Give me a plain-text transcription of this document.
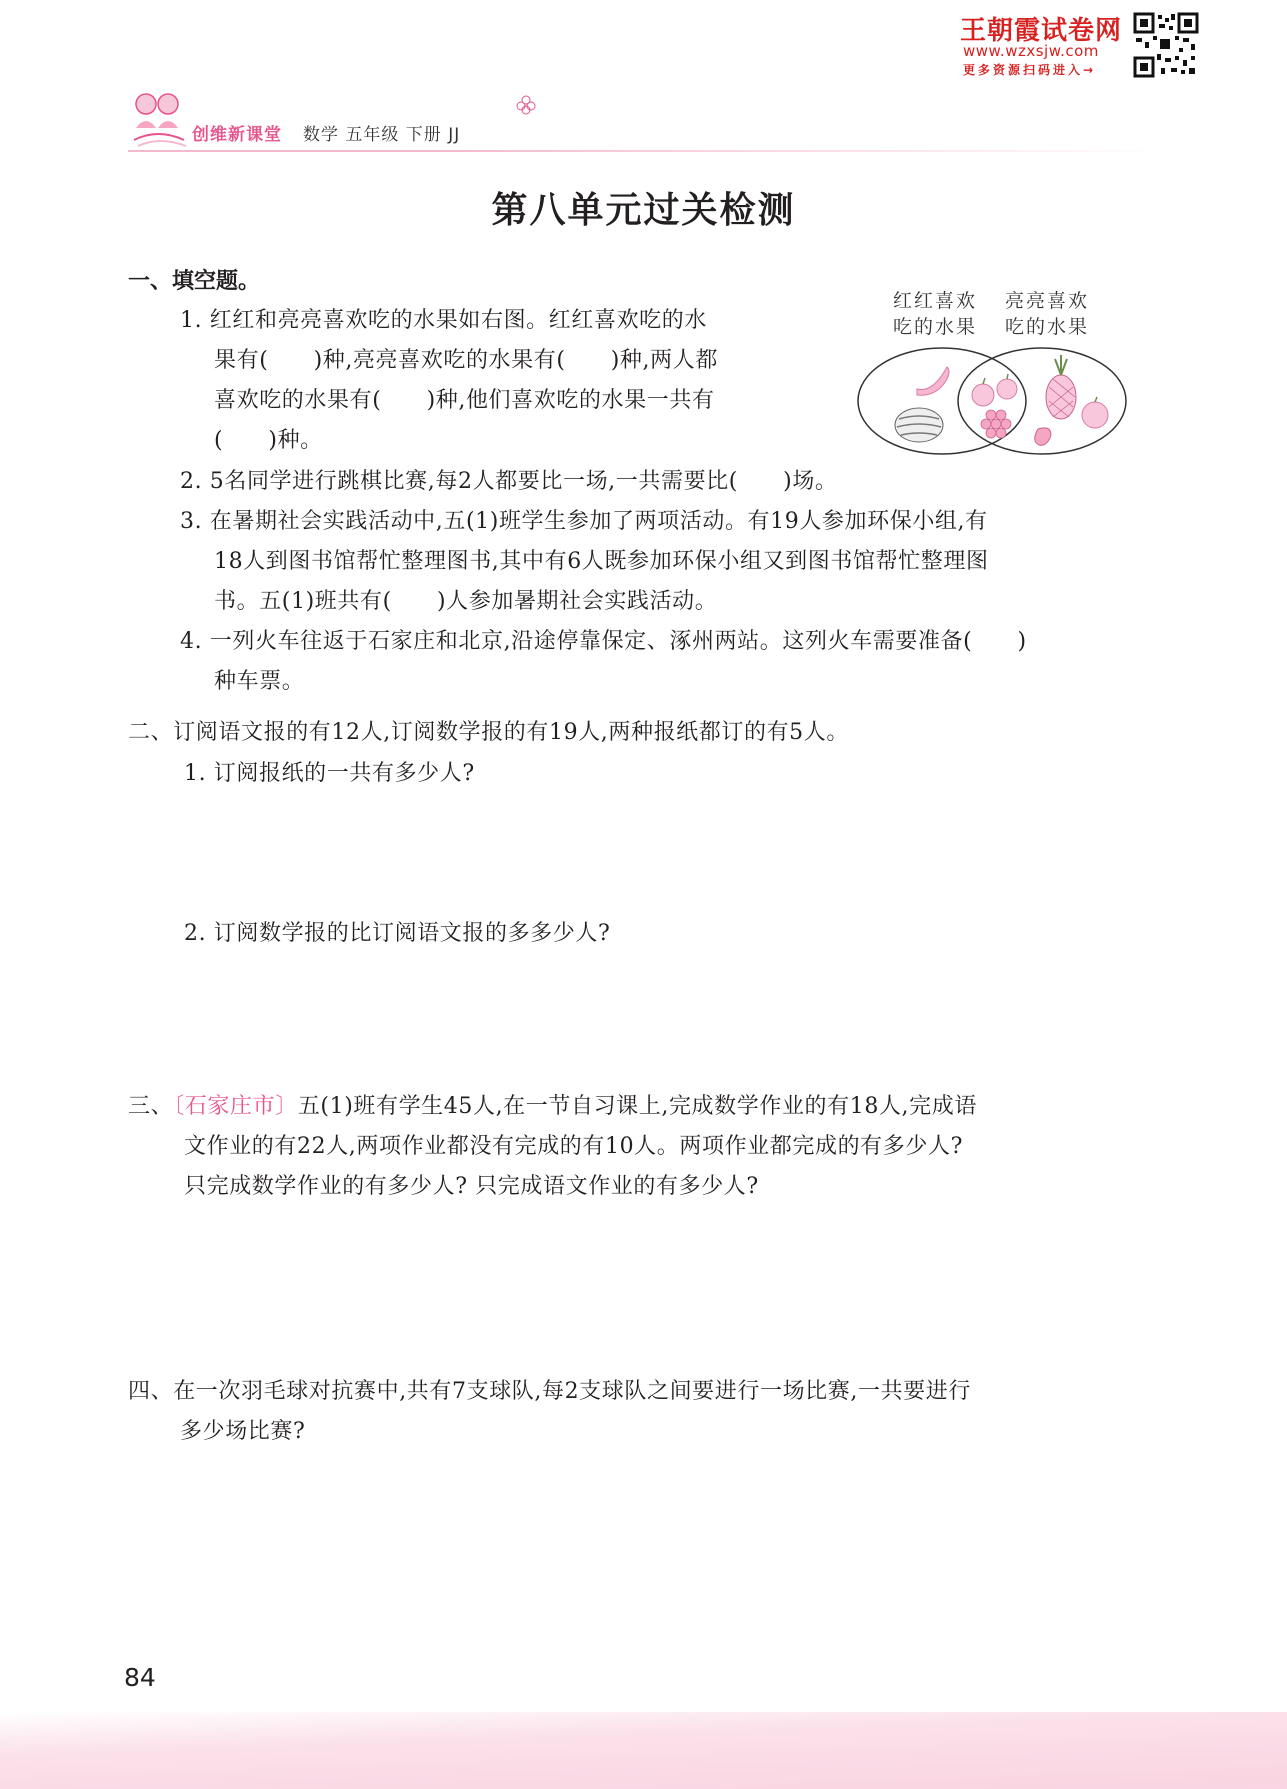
创维新课堂 数学 五年级 下册 JJ
王朝霞试卷网
www.wzxsjw.com
更多资源扫码进入→
第八单元过关检测
一、填空题。
1. 红红和亮亮喜欢吃的水果如右图。红红喜欢吃的水
果有(　　)种,亮亮喜欢吃的水果有(　　)种,两人都
喜欢吃的水果有(　　)种,他们喜欢吃的水果一共有
(　　)种。
红红喜欢
吃的水果
亮亮喜欢
吃的水果
2. 5名同学进行跳棋比赛,每2人都要比一场,一共需要比(　　)场。
3. 在暑期社会实践活动中,五(1)班学生参加了两项活动。有19人参加环保小组,有
18人到图书馆帮忙整理图书,其中有6人既参加环保小组又到图书馆帮忙整理图
书。五(1)班共有(　　)人参加暑期社会实践活动。
4. 一列火车往返于石家庄和北京,沿途停靠保定、涿州两站。这列火车需要准备(　　)
种车票。
二、订阅语文报的有12人,订阅数学报的有19人,两种报纸都订的有5人。
1. 订阅报纸的一共有多少人?
2. 订阅数学报的比订阅语文报的多多少人?
三、〔石家庄市〕五(1)班有学生45人,在一节自习课上,完成数学作业的有18人,完成语
文作业的有22人,两项作业都没有完成的有10人。两项作业都完成的有多少人?
只完成数学作业的有多少人? 只完成语文作业的有多少人?
四、在一次羽毛球对抗赛中,共有7支球队,每2支球队之间要进行一场比赛,一共要进行
多少场比赛?
84
